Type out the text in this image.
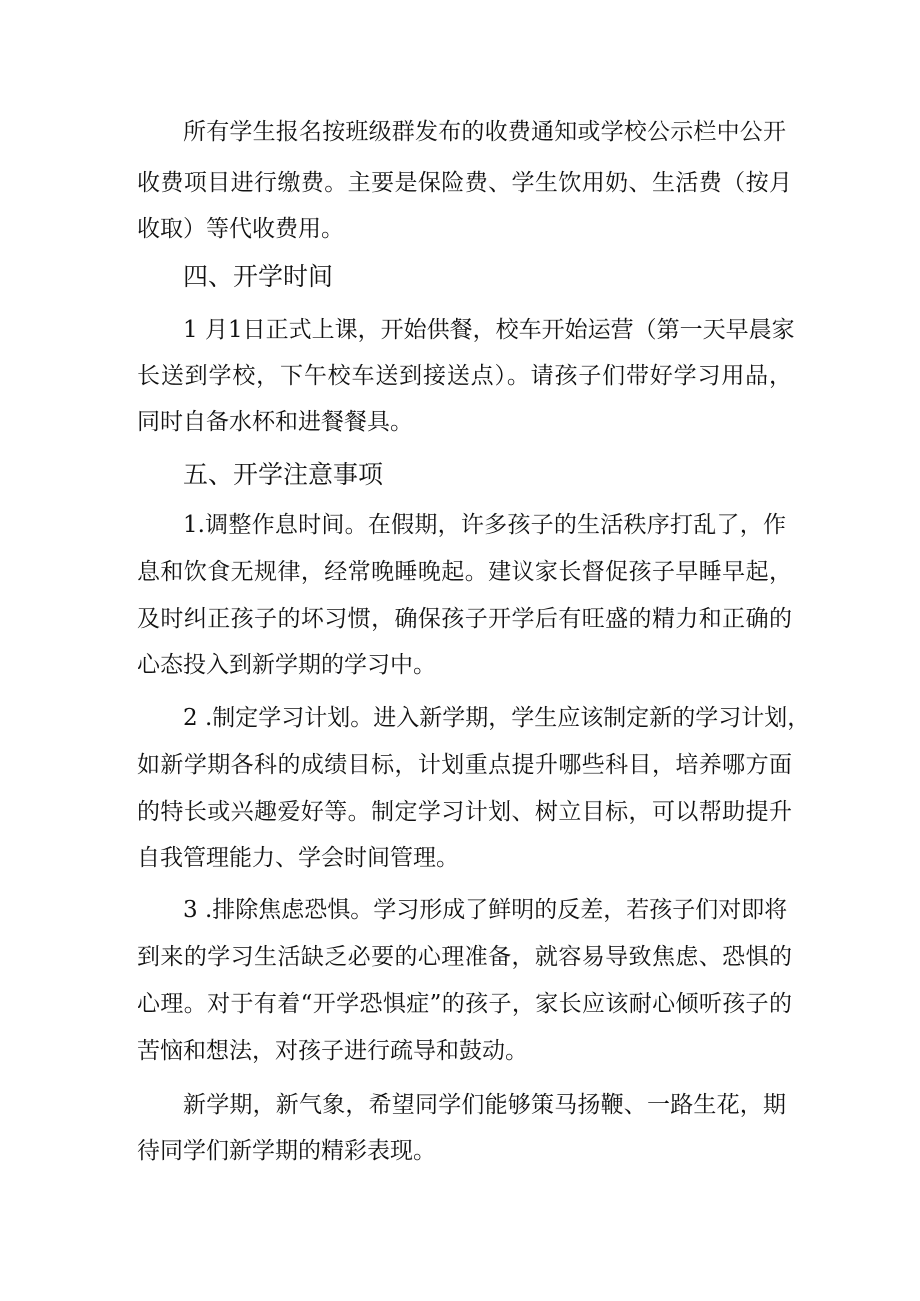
所有学生报名按班级群发布的收费通知或学校公示栏中公开
收费项目进行缴费。主要是保险费、学生饮用奶、生活费（按月
收取）等代收费用。
四、开学时间
1 月1日正式上课，开始供餐，校车开始运营（第一天早晨家
长送到学校，下午校车送到接送点）。请孩子们带好学习用品，
同时自备水杯和进餐餐具。
五、开学注意事项
1.调整作息时间。在假期，许多孩子的生活秩序打乱了，作
息和饮食无规律，经常晚睡晚起。建议家长督促孩子早睡早起，
及时纠正孩子的坏习惯，确保孩子开学后有旺盛的精力和正确的
心态投入到新学期的学习中。
2 .制定学习计划。进入新学期，学生应该制定新的学习计划，
如新学期各科的成绩目标，计划重点提升哪些科目，培养哪方面
的特长或兴趣爱好等。制定学习计划、树立目标，可以帮助提升
自我管理能力、学会时间管理。
3 .排除焦虑恐惧。学习形成了鲜明的反差，若孩子们对即将
到来的学习生活缺乏必要的心理准备，就容易导致焦虑、恐惧的
心理。对于有着“开学恐惧症”的孩子，家长应该耐心倾听孩子的
苦恼和想法，对孩子进行疏导和鼓动。
新学期，新气象，希望同学们能够策马扬鞭、一路生花，期
待同学们新学期的精彩表现。
